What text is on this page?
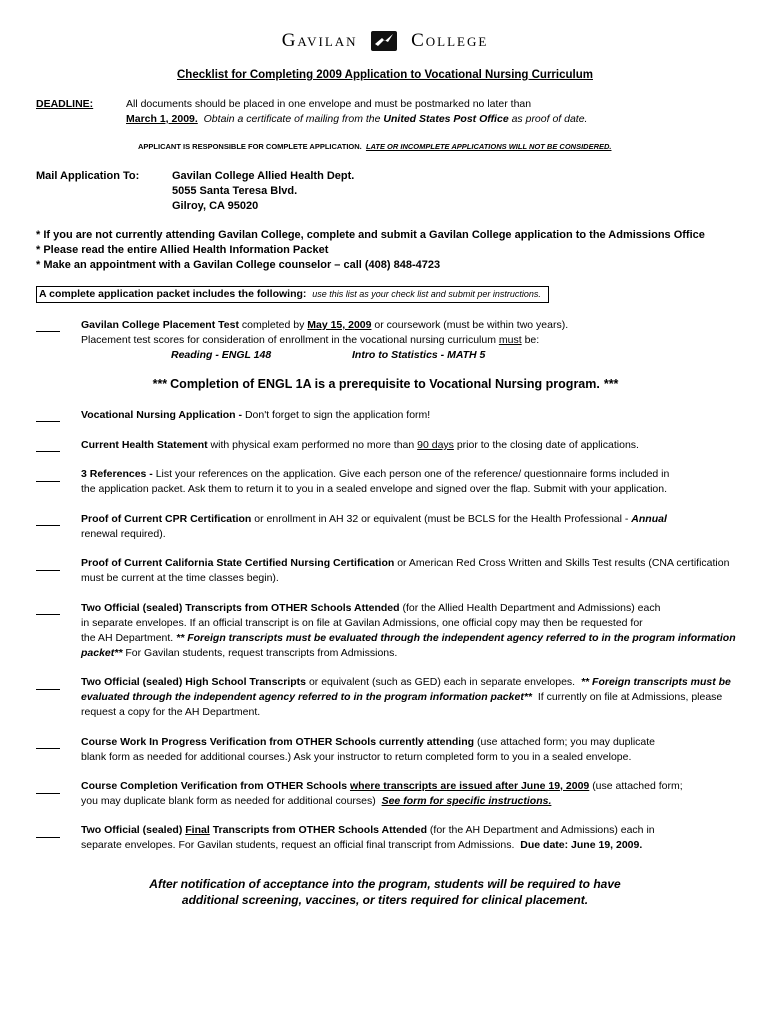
Gavilan	College
Checklist for Completing 2009 Application to Vocational Nursing Curriculum
DEADLINE:	All documents should be placed in one envelope and must be postmarked no later than
March 1, 2009. Obtain a certificate of mailing from the United States Post Office as proof of date.
APPLICANT IS RESPONSIBLE FOR COMPLETE APPLICATION. LATE OR INCOMPLETE APPLICATIONS WILL NOT BE CONSIDERED.
Mail Application To:	Gavilan College Allied Health Dept.
5055 Santa Teresa Blvd.
Gilroy, CA 95020
* If you are not currently attending Gavilan College, complete and submit a Gavilan College application to the Admissions Office
* Please read the entire Allied Health Information Packet
* Make an appointment with a Gavilan College counselor – call (408) 848-4723
A complete application packet includes the following: use this list as your check list and submit per instructions.
Gavilan College Placement Test completed by May 15, 2009 or coursework (must be within two years).
Placement test scores for consideration of enrollment in the vocational nursing curriculum must be:
Reading - ENGL 148	Intro to Statistics - MATH 5
*** Completion of ENGL 1A is a prerequisite to Vocational Nursing program. ***
Vocational Nursing Application - Don't forget to sign the application form!
Current Health Statement with physical exam performed no more than 90 days prior to the closing date of applications.
3 References - List your references on the application. Give each person one of the reference/ questionnaire forms included in
the application packet. Ask them to return it to you in a sealed envelope and signed over the flap. Submit with your application.
Proof of Current CPR Certification or enrollment in AH 32 or equivalent (must be BCLS for the Health Professional - Annual
renewal required).
Proof of Current California State Certified Nursing Certification or American Red Cross Written and Skills Test results (CNA certification
must be current at the time classes begin).
Two Official (sealed) Transcripts from OTHER Schools Attended (for the Allied Health Department and Admissions) each
in separate envelopes. If an official transcript is on file at Gavilan Admissions, one official copy may then be requested for
the AH Department. ** Foreign transcripts must be evaluated through the independent agency referred to in the program information
packet** For Gavilan students, request transcripts from Admissions.
Two Official (sealed) High School Transcripts or equivalent (such as GED) each in separate envelopes. ** Foreign transcripts must be
evaluated through the independent agency referred to in the program information packet** If currently on file at Admissions, please
request a copy for the AH Department.
Course Work In Progress Verification from OTHER Schools currently attending (use attached form; you may duplicate
blank form as needed for additional courses.) Ask your instructor to return completed form to you in a sealed envelope.
Course Completion Verification from OTHER Schools where transcripts are issued after June 19, 2009 (use attached form;
you may duplicate blank form as needed for additional courses) See form for specific instructions.
Two Official (sealed) Final Transcripts from OTHER Schools Attended (for the AH Department and Admissions) each in
separate envelopes. For Gavilan students, request an official final transcript from Admissions. Due date: June 19, 2009.
After notification of acceptance into the program, students will be required to have
additional screening, vaccines, or titers required for clinical placement.
